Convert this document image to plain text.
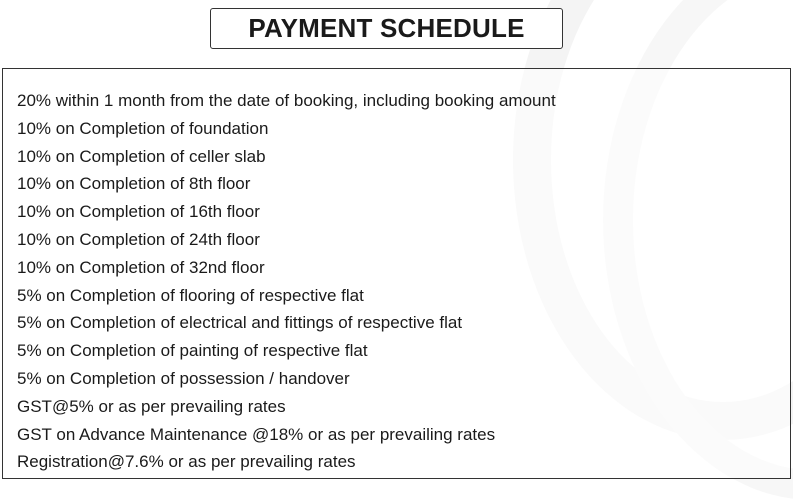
PAYMENT SCHEDULE
20% within 1 month from the date of booking, including booking amount
10% on Completion of foundation
10% on Completion of celler slab
10% on Completion of 8th floor
10% on Completion of 16th floor
10% on Completion of 24th floor
10% on Completion of 32nd floor
5% on Completion of flooring of respective flat
5% on Completion of electrical and fittings of respective flat
5% on Completion of painting of respective flat
5% on Completion of possession / handover
GST@5% or as per prevailing rates
GST on Advance Maintenance @18% or as per prevailing rates
Registration@7.6% or as per prevailing rates
